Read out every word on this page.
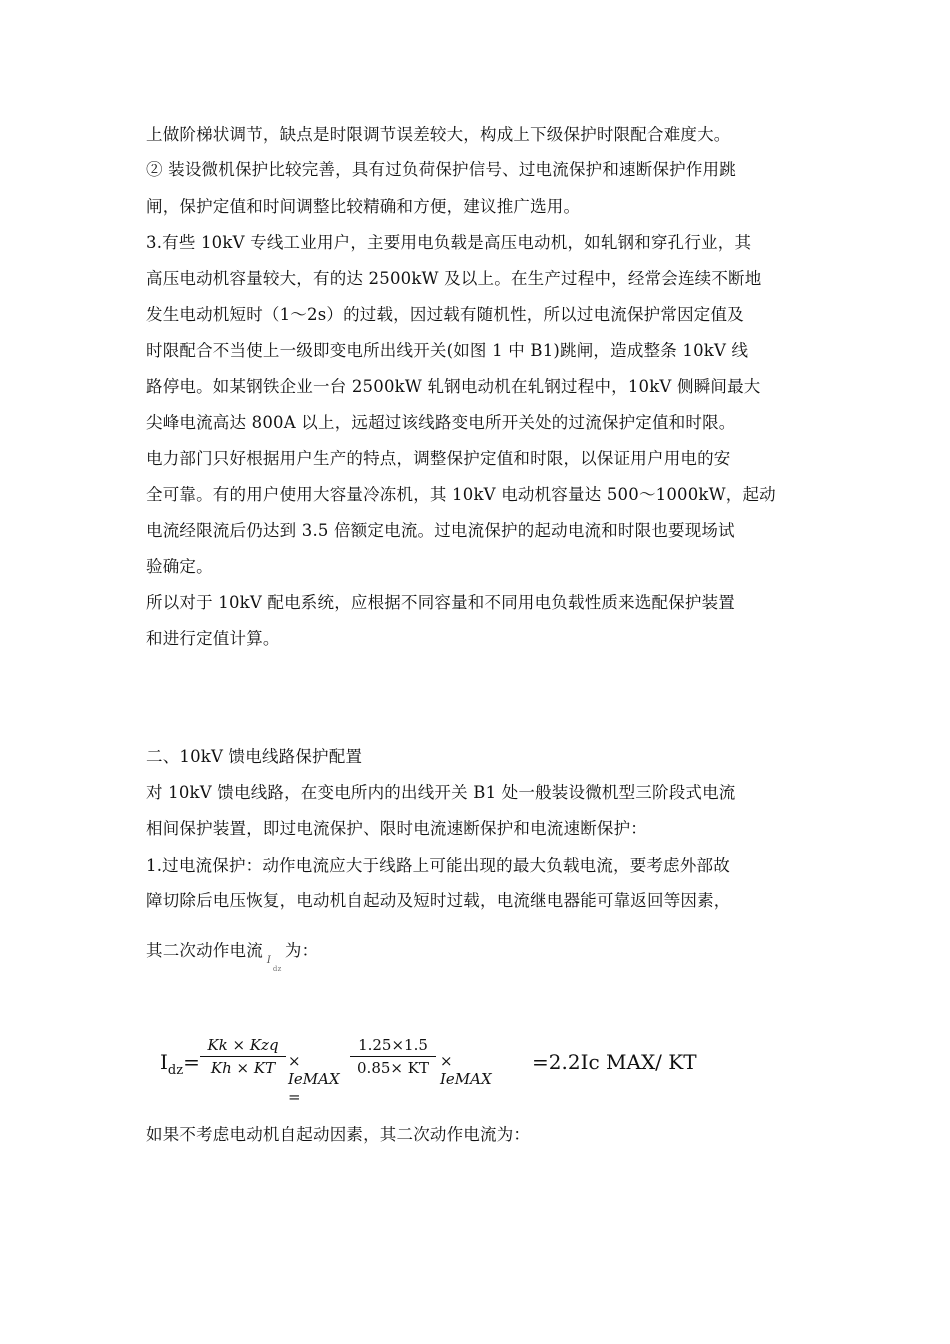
上做阶梯状调节，缺点是时限调节误差较大，构成上下级保护时限配合难度大。
② 装设微机保护比较完善，具有过负荷保护信号、过电流保护和速断保护作用跳
闸，保护定值和时间调整比较精确和方便，建议推广选用。
3.有些 10kV 专线工业用户，主要用电负载是高压电动机，如轧钢和穿孔行业，其
高压电动机容量较大，有的达 2500kW 及以上。在生产过程中，经常会连续不断地
发生电动机短时（1～2s）的过载，因过载有随机性，所以过电流保护常因定值及
时限配合不当使上一级即变电所出线开关(如图 1 中 B1)跳闸，造成整条 10kV 线
路停电。如某钢铁企业一台 2500kW 轧钢电动机在轧钢过程中，10kV 侧瞬间最大
尖峰电流高达 800A 以上，远超过该线路变电所开关处的过流保护定值和时限。
电力部门只好根据用户生产的特点，调整保护定值和时限，以保证用户用电的安
全可靠。有的用户使用大容量冷冻机，其 10kV 电动机容量达 500～1000kW，起动
电流经限流后仍达到 3.5 倍额定电流。过电流保护的起动电流和时限也要现场试
验确定。
所以对于 10kV 配电系统，应根据不同容量和不同用电负载性质来选配保护装置
和进行定值计算。
二、10kV 馈电线路保护配置
对 10kV 馈电线路，在变电所内的出线开关 B1 处一般装设微机型三阶段式电流
相间保护装置，即过电流保护、限时电流速断保护和电流速断保护：
1.过电流保护：动作电流应大于线路上可能出现的最大负载电流，要考虑外部故
障切除后电压恢复，电动机自起动及短时过载，电流继电器能可靠返回等因素，
其二次动作电流
I
dz
为：
$I_{dz}=$
Kk × Kzq
Kh × KT × IeMAX =
1.25×1.5
0.85× KT × IeMAX
=2.2Ic MAX/ KT
如果不考虑电动机自起动因素，其二次动作电流为：
